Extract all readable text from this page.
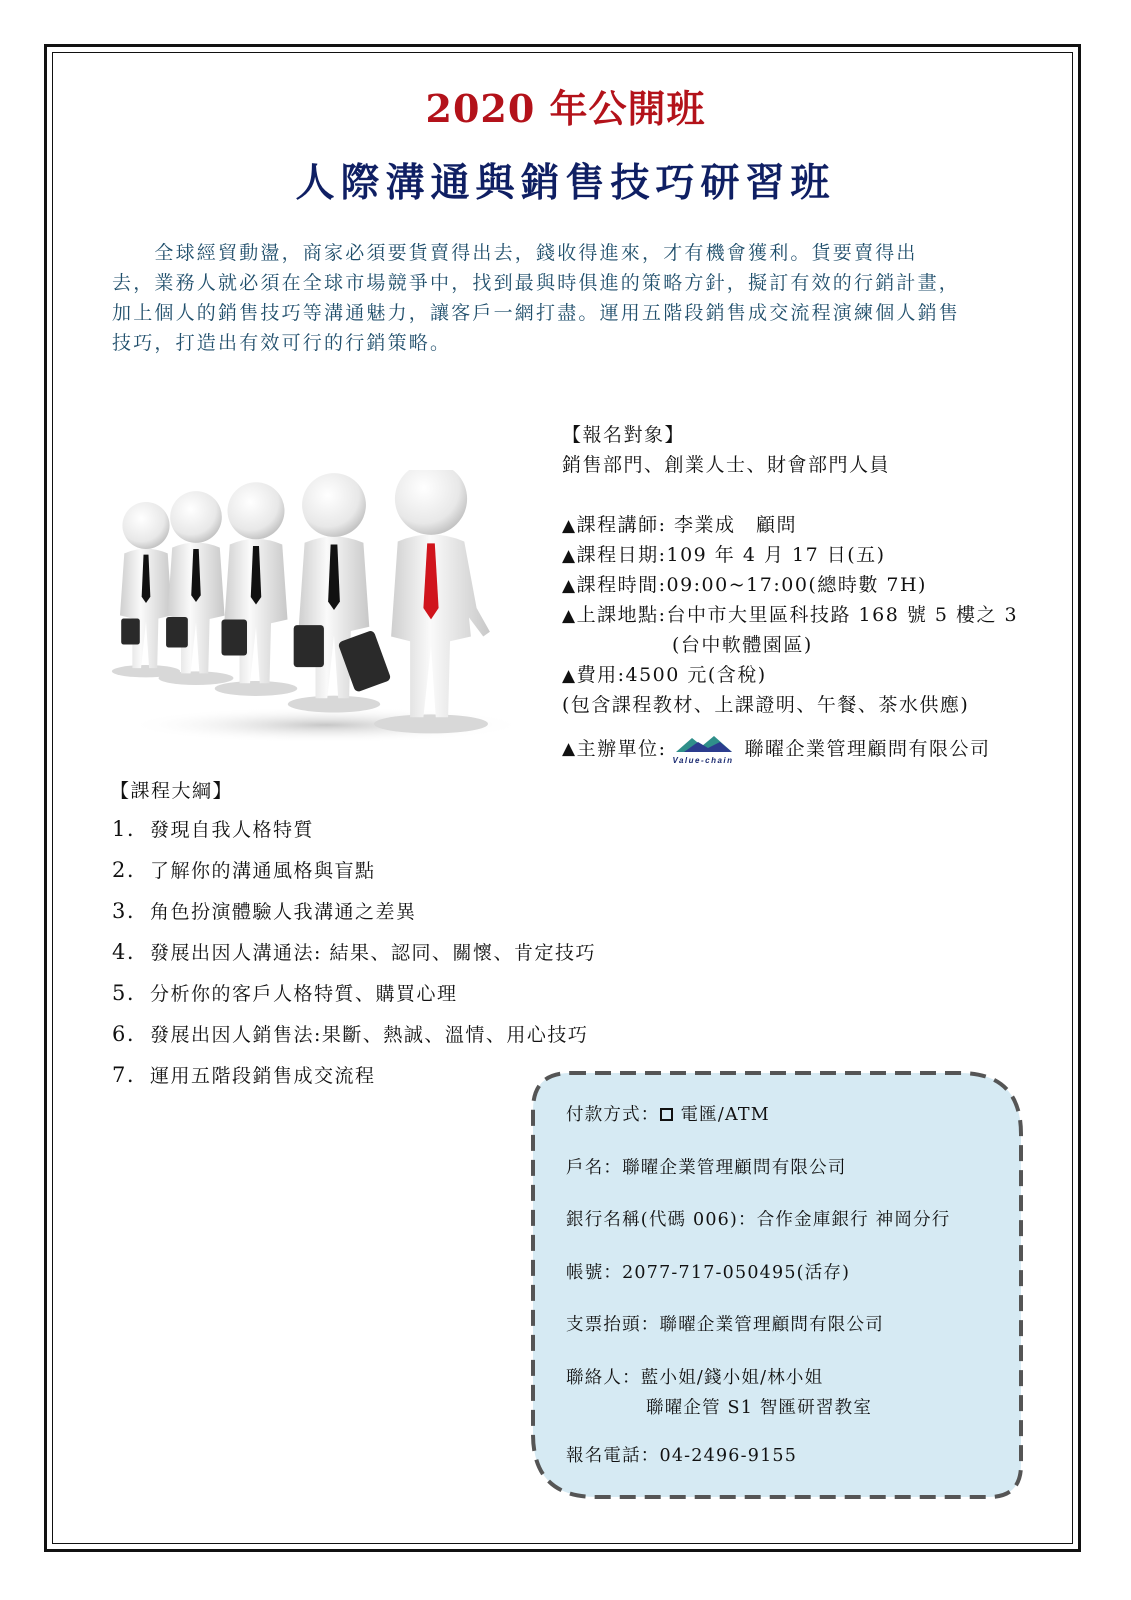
2020 年公開班
人際溝通與銷售技巧研習班

　　全球經貿動盪，商家必須要貨賣得出去，錢收得進來，才有機會獲利。貨要賣得出

去，業務人就必須在全球市場競爭中，找到最與時俱進的策略方針，擬訂有效的行銷計畫，

加上個人的銷售技巧等溝通魅力，讓客戶一網打盡。運用五階段銷售成交流程演練個人銷售

技巧，打造出有效可行的行銷策略。

【報名對象】
銷售部門、創業人士、財會部門人員
▲課程講師: 李業成　顧問
▲課程日期:109 年 4 月 17 日(五)
▲課程時間:09:00~17:00(總時數 7H)
▲上課地點:台中市大里區科技路 168 號 5 樓之 3
(台中軟體園區)
▲費用:4500 元(含稅)
(包含課程教材、上課證明、午餐、茶水供應)
▲ 主辦單位:
Value-chain
聯曜企業管理顧問有限公司
【課程大綱】
1. 發現自我人格特質
2. 了解你的溝通風格與盲點
3. 角色扮演體驗人我溝通之差異
4. 發展出因人溝通法: 結果、認同、關懷、肯定技巧
5. 分析你的客戶人格特質、購買心理
6. 發展出因人銷售法:果斷、熱誠、溫情、用心技巧
7. 運用五階段銷售成交流程
付款方式： 電匯/ATM
戶名：聯曜企業管理顧問有限公司
銀行名稱(代碼 006)：合作金庫銀行 神岡分行
帳號：2077-717-050495(活存)
支票抬頭：聯曜企業管理顧問有限公司
聯絡人：藍小姐/錢小姐/林小姐
聯曜企管 S1 智匯研習教室
報名電話：04-2496-9155
